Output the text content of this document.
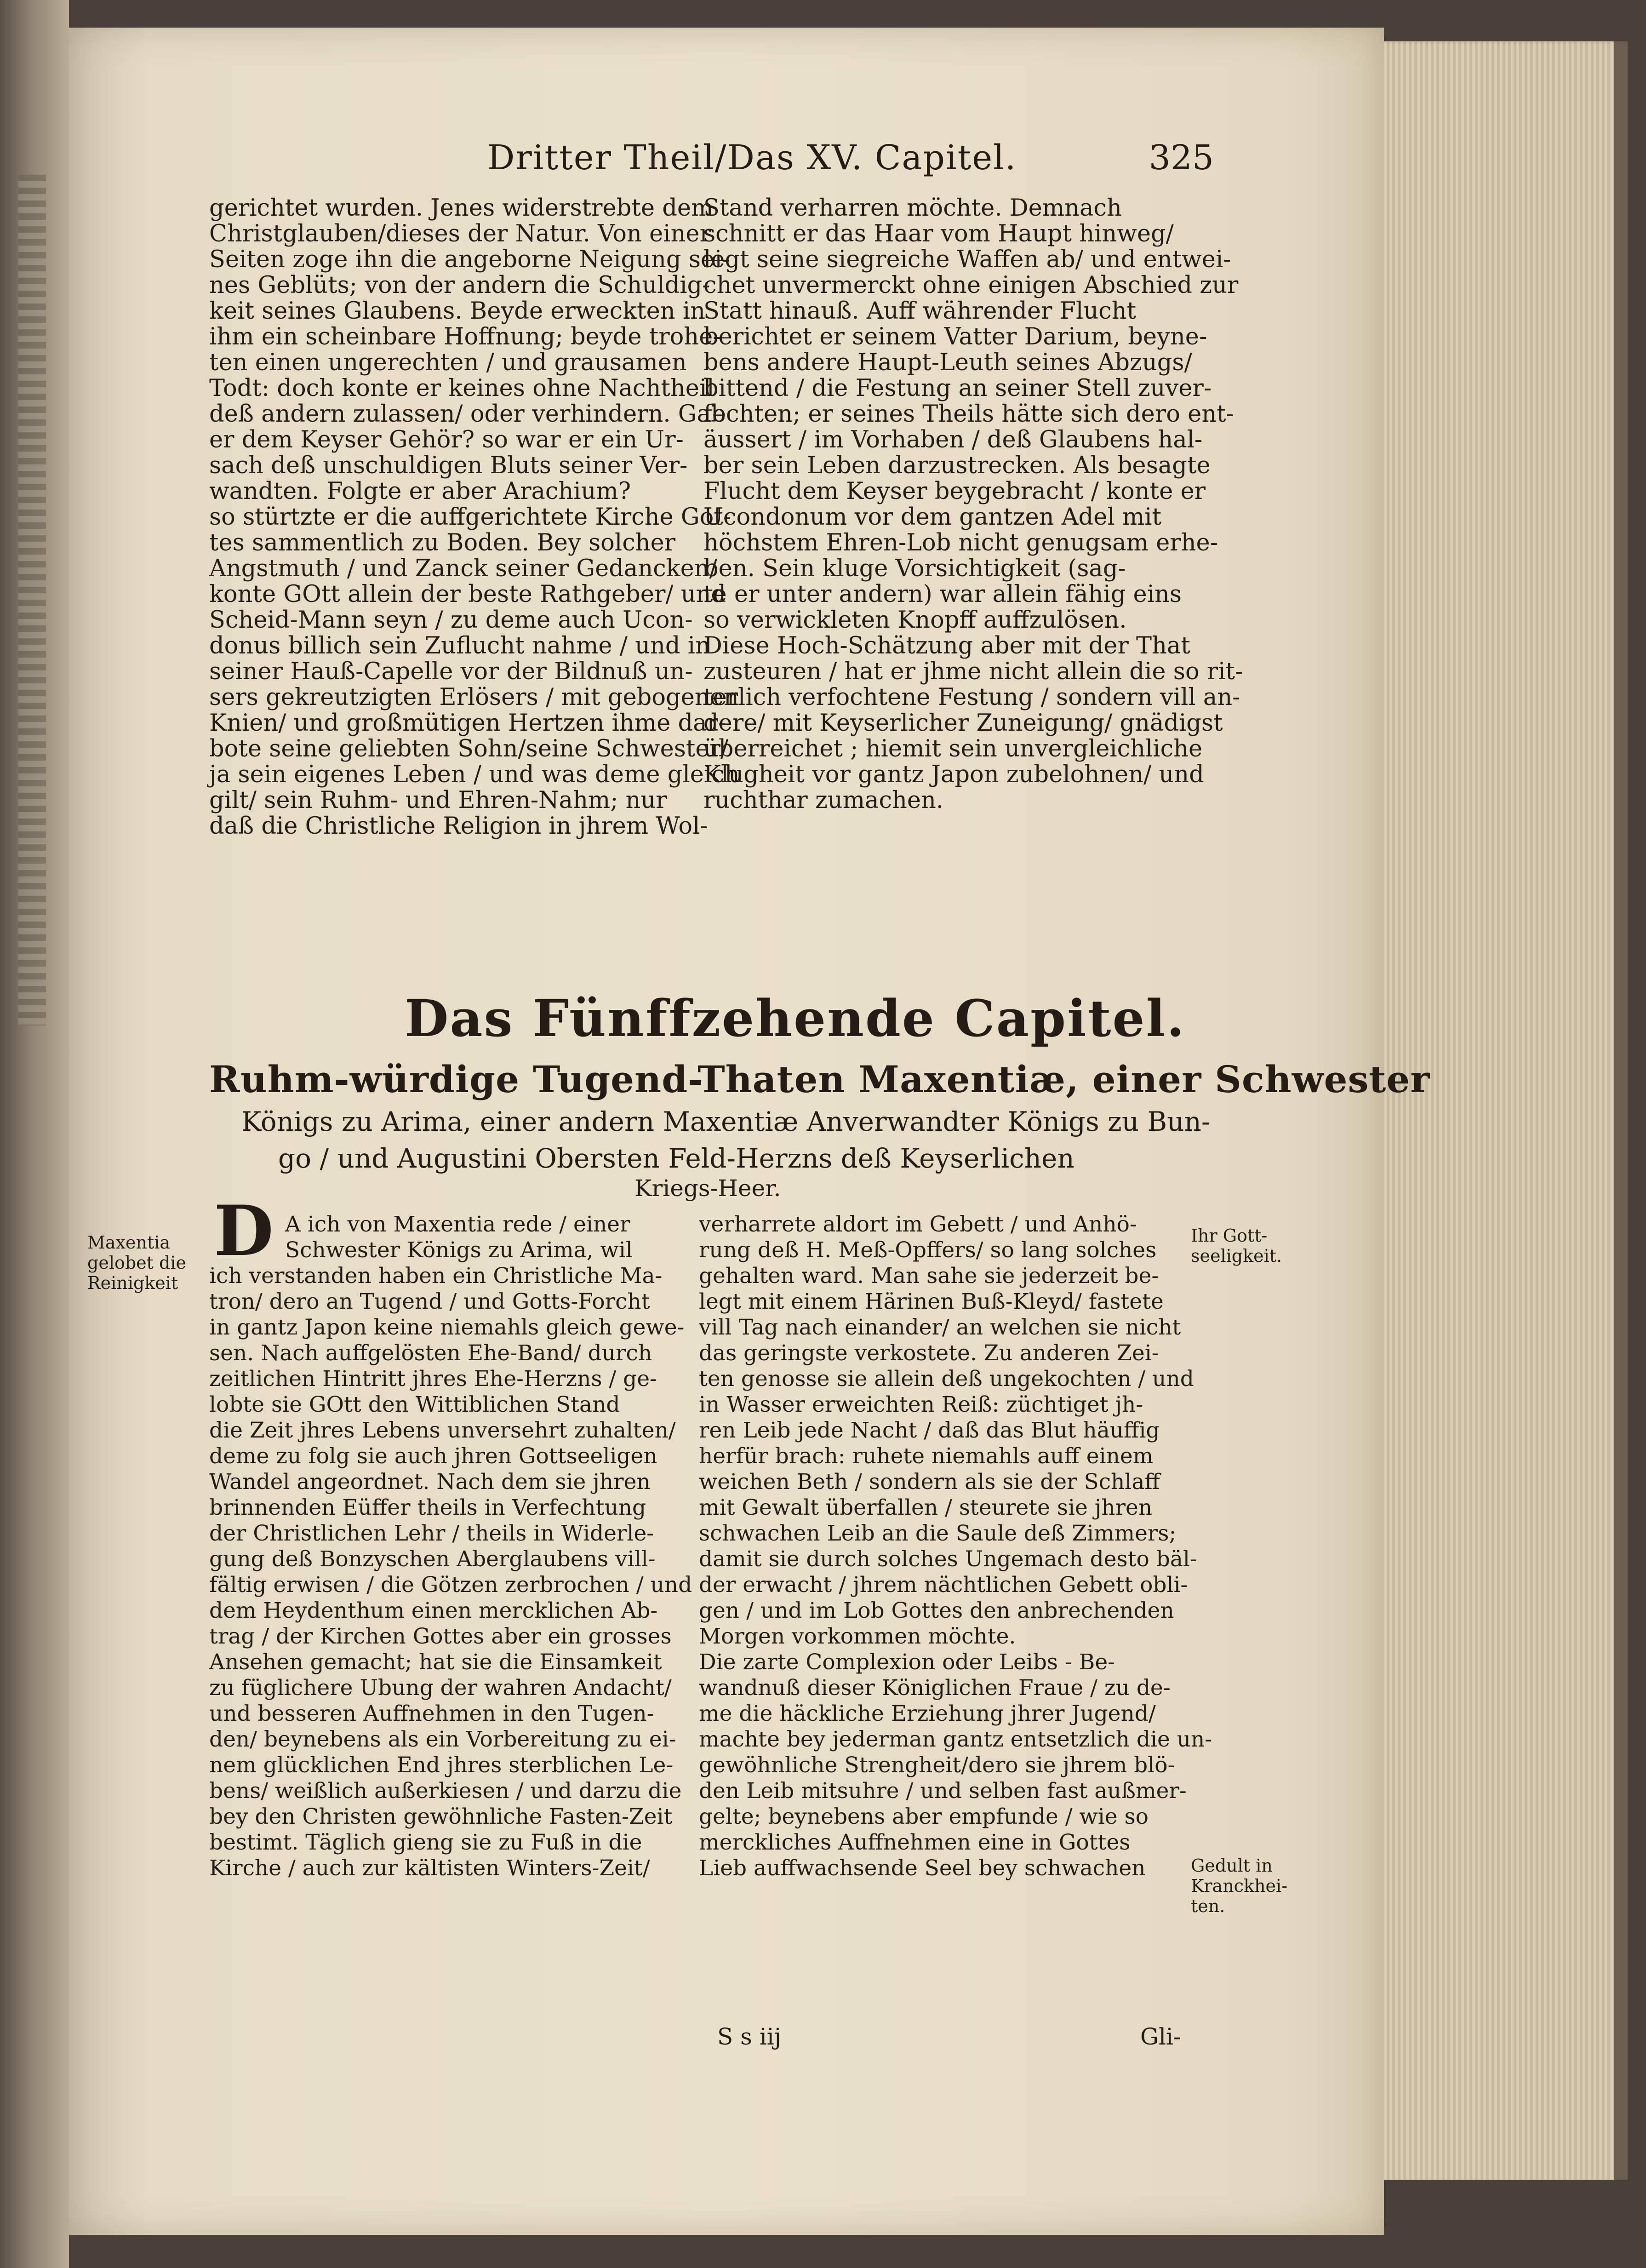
Dritter Theil/Das XV. Capitel.	325
gerichtet wurden. Jenes widerstrebte dem
Christglauben/dieses der Natur. Von einer
Seiten zoge ihn die angeborne Neigung sei-
nes Geblüts; von der andern die Schuldig-
keit seines Glaubens. Beyde erweckten in
ihm ein scheinbare Hoffnung; beyde trohe-
ten einen ungerechten / und grausamen
Todt: doch konte er keines ohne Nachtheil
deß andern zulassen/ oder verhindern. Gab
er dem Keyser Gehör? so war er ein Ur-
sach deß unschuldigen Bluts seiner Ver-
wandten. Folgte er aber Arachium?
so stürtzte er die auffgerichtete Kirche Got-
tes sammentlich zu Boden. Bey solcher
Angstmuth / und Zanck seiner Gedancken/
konte GOtt allein der beste Rathgeber/ und
Scheid-Mann seyn / zu deme auch Ucon-
donus billich sein Zuflucht nahme / und in
seiner Hauß-Capelle vor der Bildnuß un-
sers gekreutzigten Erlösers / mit gebogenen
Knien/ und großmütigen Hertzen ihme dar-
bote seine geliebten Sohn/seine Schwester/
ja sein eigenes Leben / und was deme gleich
gilt/ sein Ruhm- und Ehren-Nahm; nur
daß die Christliche Religion in jhrem Wol-
Stand verharren möchte. Demnach
schnitt er das Haar vom Haupt hinweg/
legt seine siegreiche Waffen ab/ und entwei-
chet unvermerckt ohne einigen Abschied zur
Statt hinauß. Auff währender Flucht
berichtet er seinem Vatter Darium, beyne-
bens andere Haupt-Leuth seines Abzugs/
bittend / die Festung an seiner Stell zuver-
fechten; er seines Theils hätte sich dero ent-
äussert / im Vorhaben / deß Glaubens hal-
ber sein Leben darzustrecken. Als besagte
Flucht dem Keyser beygebracht / konte er
Ucondonum vor dem gantzen Adel mit
höchstem Ehren-Lob nicht genugsam erhe-
ben. Sein kluge Vorsichtigkeit (sag-
te er unter andern) war allein fähig eins
so verwickleten Knopff auffzulösen.
Diese Hoch-Schätzung aber mit der That
zusteuren / hat er jhme nicht allein die so rit-
terlich verfochtene Festung / sondern vill an-
dere/ mit Keyserlicher Zuneigung/ gnädigst
überreichet ; hiemit sein unvergleichliche
Klugheit vor gantz Japon zubelohnen/ und
ruchthar zumachen.
Das Fünffzehende Capitel.
Ruhm-würdige Tugend-Thaten Maxentiæ, einer Schwester
Königs zu Arima, einer andern Maxentiæ Anverwandter Königs zu Bun-
go / und Augustini Obersten Feld-Herzns deß Keyserlichen
Kriegs-Heer.
D A ich von Maxentia rede / einer
Schwester Königs zu Arima, wil
ich verstanden haben ein Christliche Ma-
tron/ dero an Tugend / und Gotts-Forcht
in gantz Japon keine niemahls gleich gewe-
sen. Nach auffgelösten Ehe-Band/ durch
zeitlichen Hintritt jhres Ehe-Herzns / ge-
lobte sie GOtt den Wittiblichen Stand
die Zeit jhres Lebens unversehrt zuhalten/
deme zu folg sie auch jhren Gottseeligen
Wandel angeordnet. Nach dem sie jhren
brinnenden Eüffer theils in Verfechtung
der Christlichen Lehr / theils in Widerle-
gung deß Bonzyschen Aberglaubens vill-
fältig erwisen / die Götzen zerbrochen / und
dem Heydenthum einen mercklichen Ab-
trag / der Kirchen Gottes aber ein grosses
Ansehen gemacht; hat sie die Einsamkeit
zu füglichere Ubung der wahren Andacht/
und besseren Auffnehmen in den Tugen-
den/ beynebens als ein Vorbereitung zu ei-
nem glücklichen End jhres sterblichen Le-
bens/ weißlich außerkiesen / und darzu die
bey den Christen gewöhnliche Fasten-Zeit
bestimt. Täglich gieng sie zu Fuß in die
Kirche / auch zur kältisten Winters-Zeit/
verharrete aldort im Gebett / und Anhö-
rung deß H. Meß-Opffers/ so lang solches
gehalten ward. Man sahe sie jederzeit be-
legt mit einem Härinen Buß-Kleyd/ fastete
vill Tag nach einander/ an welchen sie nicht
das geringste verkostete. Zu anderen Zei-
ten genosse sie allein deß ungekochten / und
in Wasser erweichten Reiß: züchtiget jh-
ren Leib jede Nacht / daß das Blut häuffig
herfür brach: ruhete niemahls auff einem
weichen Beth / sondern als sie der Schlaff
mit Gewalt überfallen / steurete sie jhren
schwachen Leib an die Saule deß Zimmers;
damit sie durch solches Ungemach desto bäl-
der erwacht / jhrem nächtlichen Gebett obli-
gen / und im Lob Gottes den anbrechenden
Morgen vorkommen möchte.
Die zarte Complexion oder Leibs - Be-
wandnuß dieser Königlichen Fraue / zu de-
me die häckliche Erziehung jhrer Jugend/
machte bey jederman gantz entsetzlich die un-
gewöhnliche Strengheit/dero sie jhrem blö-
den Leib mitsuhre / und selben fast außmer-
gelte; beynebens aber empfunde / wie so
merckliches Auffnehmen eine in Gottes
Lieb auffwachsende Seel bey schwachen
Maxentia
gelobet die
Reinigkeit
Ihr Gott-
seeligkeit.
Gedult in
Kranckhei-
ten.
S s iij	Gli-
